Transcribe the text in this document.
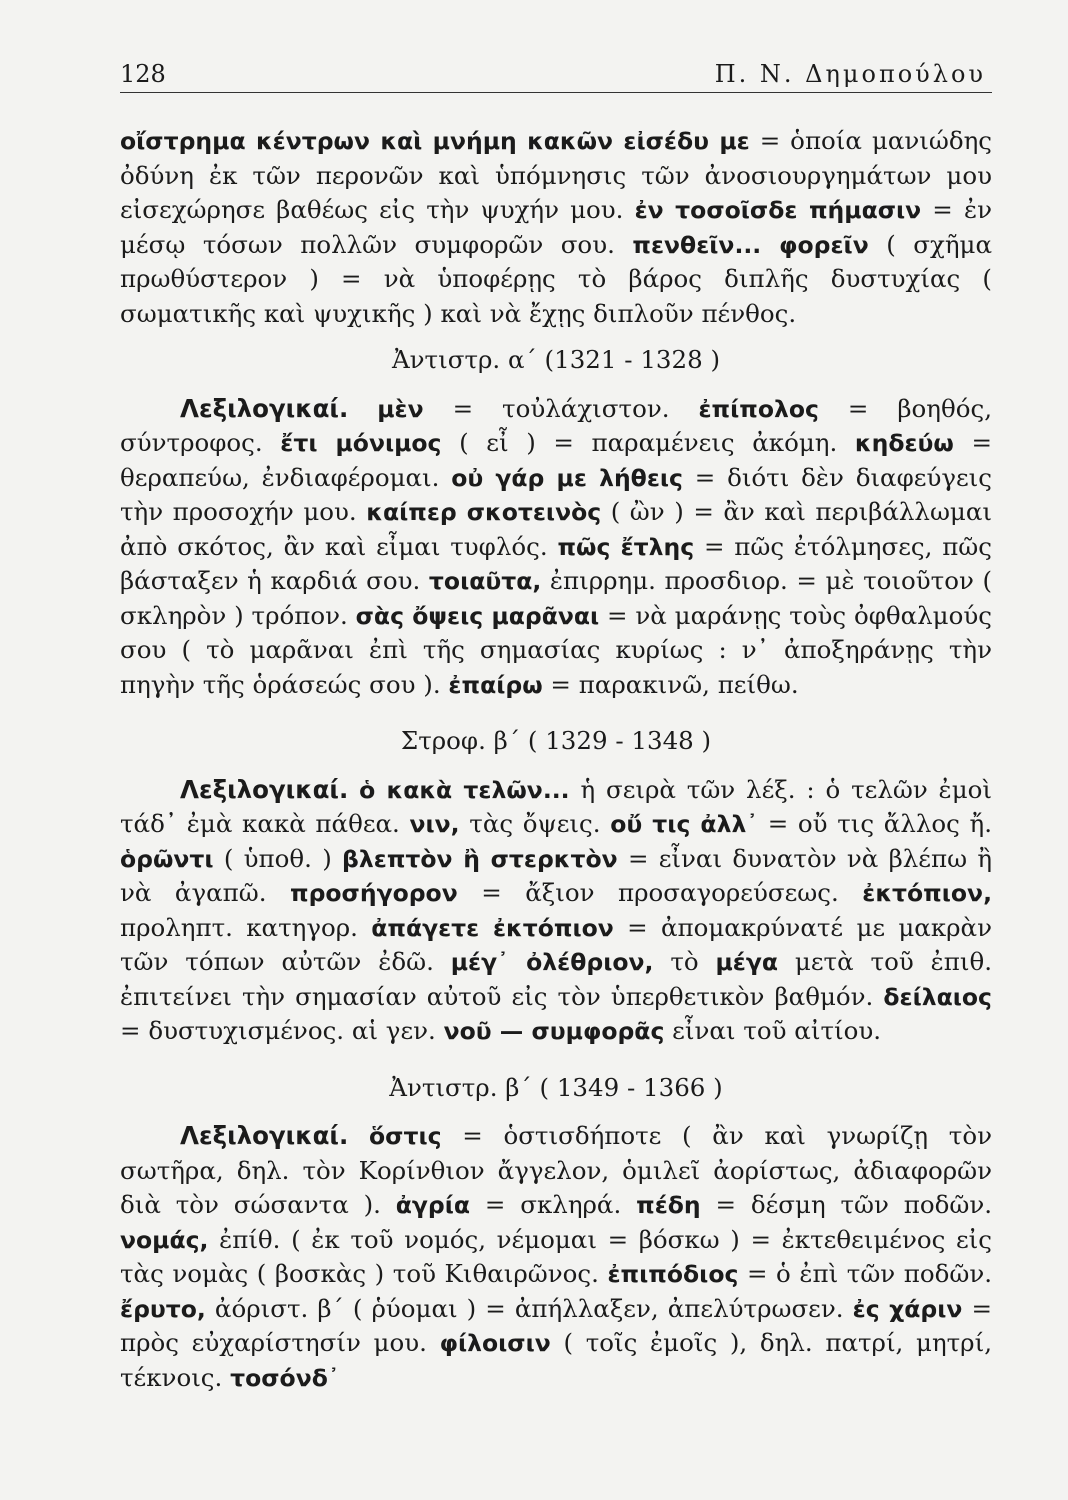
128	Π. Ν. Δημοπούλου

οἴστρημα κέντρων καὶ μνήμη κακῶν εἰσέδυ με = ὁποία μανιώδης ὀδύνη ἐκ τῶν περονῶν καὶ ὑπόμνησις τῶν ἀνοσιουργημάτων μου εἰσεχώρησε βαθέως εἰς τὴν ψυχήν μου. ἐν τοσοῖσδε πήμασιν = ἐν μέσῳ τόσων πολλῶν συμφορῶν σου. πενθεῖν... φορεῖν ( σχῆμα πρωθύστερον ) = νὰ ὑποφέρῃς τὸ βάρος διπλῆς δυστυχίας ( σωματικῆς καὶ ψυχικῆς ) καὶ νὰ ἔχῃς διπλοῦν πένθος.

Ἀντιστρ. α΄ (1321 - 1328 )

Λεξιλογικαί. μὲν = τοὐλάχιστον. ἐπίπολος = βοηθός, σύντροφος. ἔτι μόνιμος ( εἶ ) = παραμένεις ἀκόμη. κηδεύω = θεραπεύω, ἐνδιαφέρομαι. οὐ γάρ με λήθεις = διότι δὲν διαφεύγεις τὴν προσοχήν μου. καίπερ σκοτεινὸς ( ὢν ) = ἂν καὶ περιβάλλωμαι ἀπὸ σκότος, ἂν καὶ εἶμαι τυφλός. πῶς ἔτλης = πῶς ἐτόλμησες, πῶς βάσταξεν ἡ καρδιά σου. τοιαῦτα, ἐπιρρημ. προσδιορ. = μὲ τοιοῦτον ( σκληρὸν ) τρόπον. σὰς ὄψεις μαρᾶναι = νὰ μαράνῃς τοὺς ὀφθαλμούς σου ( τὸ μαρᾶναι ἐπὶ τῆς σημασίας κυρίως : ν᾽ ἀποξηράνῃς τὴν πηγὴν τῆς ὁράσεώς σου ). ἐπαίρω = παρακινῶ, πείθω.

Στροφ. β΄ ( 1329 - 1348 )

Λεξιλογικαί. ὁ κακὰ τελῶν... ἡ σειρὰ τῶν λέξ. : ὁ τελῶν ἐμοὶ τάδ᾽ ἐμὰ κακὰ πάθεα. νιν, τὰς ὄψεις. οὔ τις ἀλλ᾽ = οὔ τις ἄλλος ἤ. ὁρῶντι ( ὑποθ. ) βλεπτὸν ἢ στερκτὸν = εἶναι δυνατὸν νὰ βλέπω ἢ νὰ ἀγαπῶ. προσήγορον = ἄξιον προσαγορεύσεως. ἐκτόπιον, προληπτ. κατηγορ. ἀπάγετε ἐκτόπιον = ἀπομακρύνατέ με μακρὰν τῶν τόπων αὐτῶν ἐδῶ. μέγ᾽ ὀλέθριον, τὸ μέγα μετὰ τοῦ ἐπιθ. ἐπιτείνει τὴν σημασίαν αὐτοῦ εἰς τὸν ὑπερθετικὸν βαθμόν. δείλαιος = δυστυχισμένος. αἱ γεν. νοῦ — συμφορᾶς εἶναι τοῦ αἰτίου.

Ἀντιστρ. β΄ ( 1349 - 1366 )

Λεξιλογικαί. ὅστις = ὁστισδήποτε ( ἂν καὶ γνωρίζῃ τὸν σωτῆρα, δηλ. τὸν Κορίνθιον ἄγγελον, ὁμιλεῖ ἀορίστως, ἀδιαφορῶν διὰ τὸν σώσαντα ). ἀγρία = σκληρά. πέδη = δέσμη τῶν ποδῶν. νομάς, ἐπίθ. ( ἐκ τοῦ νομός, νέμομαι = βόσκω ) = ἐκτεθειμένος εἰς τὰς νομὰς ( βοσκὰς ) τοῦ Κιθαιρῶνος. ἐπιπόδιος = ὁ ἐπὶ τῶν ποδῶν. ἔρυτο, ἀόριστ. β΄ ( ῥύομαι ) = ἀπήλλαξεν, ἀπελύτρωσεν. ἐς χάριν = πρὸς εὐχαρίστησίν μου. φίλοισιν ( τοῖς ἐμοῖς ), δηλ. πατρί, μητρί, τέκνοις. τοσόνδ᾽
